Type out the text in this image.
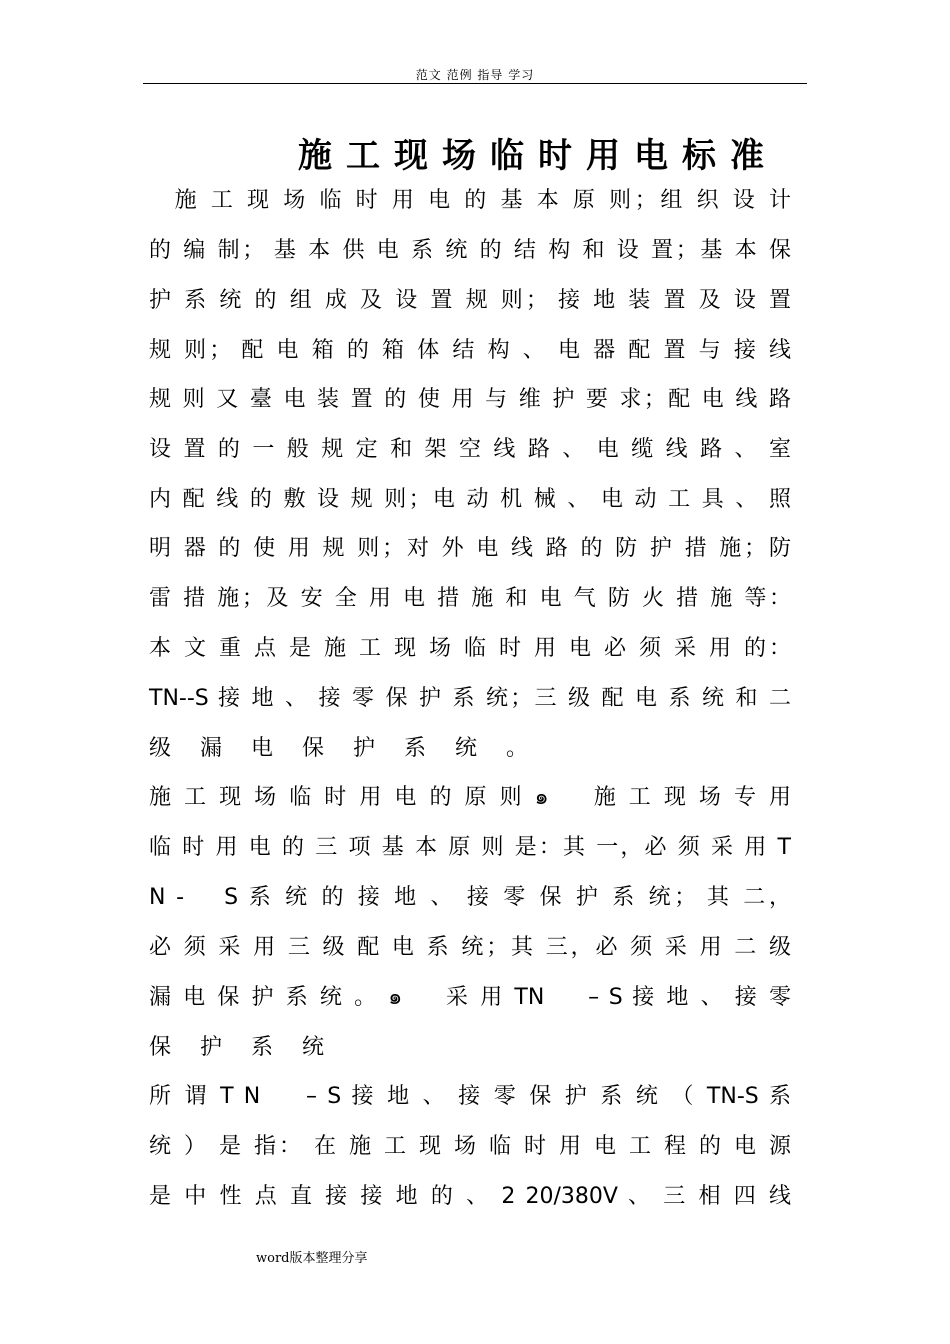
范文 范例 指导 学习
施工现场临时用电标准
　施 工 现 场 临 时 用 电 的 基 本 原 则；组 织 设 计
的 编 制； 基 本 供 电 系 统 的 结 构 和 设 置；基 本 保
护 系 统 的 组 成 及 设 置 规 则； 接 地 装 置 及 设 置
规 则； 配 电 箱 的 箱 体 结 构 、 电 器 配 置 与 接 线
规 则 又 臺 电 装 置 的 使 用 与 维 护 要 求；配 电 线 路
设 置 的 一 般 规 定 和 架 空 线 路 、 电 缆 线 路 、 室
内 配 线 的 敷 设 规 则；电 动 机 械 、 电 动 工 具 、 照
明 器 的 使 用 规 则；对 外 电 线 路 的 防 护 措 施；防
雷 措 施；及 安 全 用 电 措 施 和 电 气 防 火 措 施 等：
本 文 重 点 是 施 工 现 场 临 时 用 电 必 须 采 用 的：
TN--S 接 地 、 接 零 保 护 系 统；三 级 配 电 系 统 和 二
级 漏 电 保 护 系 统 。
施 工 现 场 临 时 用 电 的 原 则 ๑ 　 施 工 现 场 专 用
临 时 用 电 的 三 项 基 本 原 则 是：其 一，必 须 采 用 T
N -　 S 系 统 的 接 地 、 接 零 保 护 系 统； 其 二，
必 须 采 用 三 级 配 电 系 统；其 三，必 须 采 用 二 级
漏 电 保 护 系 统 。 ๑ 　 采 用 TN 　 – S 接 地 、 接 零
保 护 系 统
所 谓 T N 　 – S 接 地 、 接 零 保 护 系 统 （ TN-S 系
统 ） 是 指： 在 施 工 现 场 临 时 用 电 工 程 的 电 源
是 中 性 点 直 接 接 地 的 、 2 20/380V 、 三 相 四 线
word版本整理分享
